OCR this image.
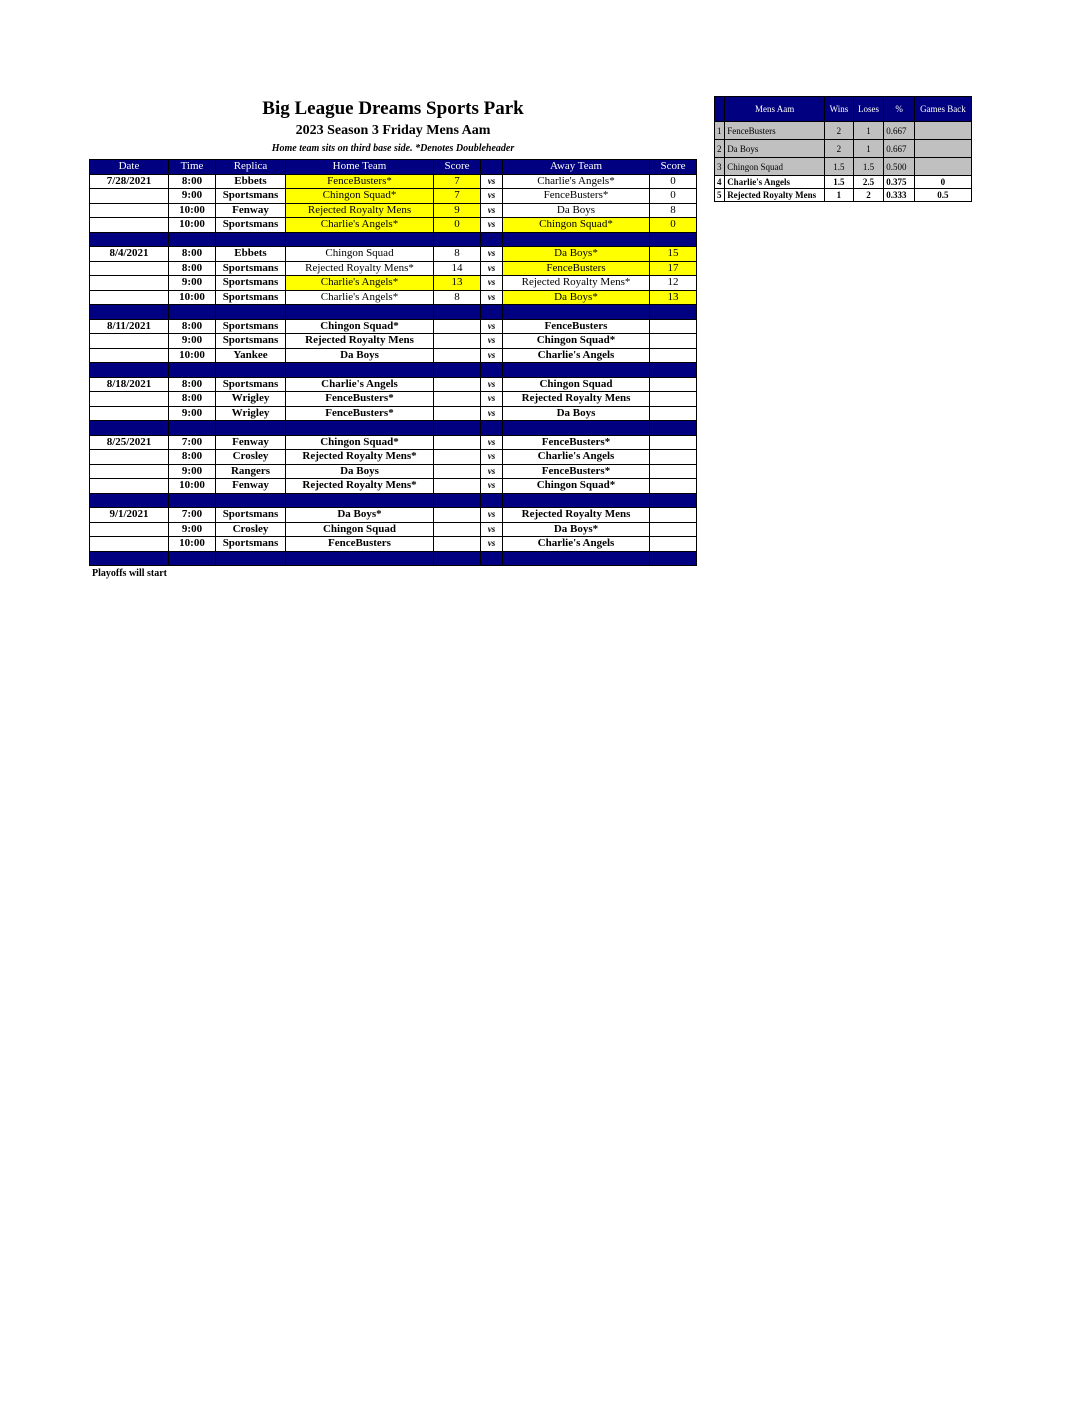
Big League Dreams Sports Park
2023 Season 3 Friday Mens Aam
Home team sits on third base side. *Denotes Doubleheader
Date	Time	Replica	Home Team	Score		Away Team	Score
7/28/2021	8:00	Ebbets	FenceBusters*	7	vs	Charlie's Angels*	0
	9:00	Sportsmans	Chingon Squad*	7	vs	FenceBusters*	0
	10:00	Fenway	Rejected Royalty Mens	9	vs	Da Boys	8
	10:00	Sportsmans	Charlie's Angels*	0	vs	Chingon Squad*	0

8/4/2021	8:00	Ebbets	Chingon Squad	8	vs	Da Boys*	15
	8:00	Sportsmans	Rejected Royalty Mens*	14	vs	FenceBusters	17
	9:00	Sportsmans	Charlie's Angels*	13	vs	Rejected Royalty Mens*	12
	10:00	Sportsmans	Charlie's Angels*	8	vs	Da Boys*	13

8/11/2021	8:00	Sportsmans	Chingon Squad*		vs	FenceBusters	
	9:00	Sportsmans	Rejected Royalty Mens		vs	Chingon Squad*	
	10:00	Yankee	Da Boys		vs	Charlie's Angels	

8/18/2021	8:00	Sportsmans	Charlie's Angels		vs	Chingon Squad	
	8:00	Wrigley	FenceBusters*		vs	Rejected Royalty Mens	
	9:00	Wrigley	FenceBusters*		vs	Da Boys	

8/25/2021	7:00	Fenway	Chingon Squad*		vs	FenceBusters*	
	8:00	Crosley	Rejected Royalty Mens*		vs	Charlie's Angels	
	9:00	Rangers	Da Boys		vs	FenceBusters*	
	10:00	Fenway	Rejected Royalty Mens*		vs	Chingon Squad*	

9/1/2021	7:00	Sportsmans	Da Boys*		vs	Rejected Royalty Mens	
	9:00	Crosley	Chingon Squad		vs	Da Boys*	
	10:00	Sportsmans	FenceBusters		vs	Charlie's Angels	

Playoffs will start
	Mens Aam	Wins	Loses	%	Games Back
1	FenceBusters	2	1	0.667	
2	Da Boys	2	1	0.667	
3	Chingon Squad	1.5	1.5	0.500	
4	Charlie's Angels	1.5	2.5	0.375	0
5	Rejected Royalty Mens	1	2	0.333	0.5
